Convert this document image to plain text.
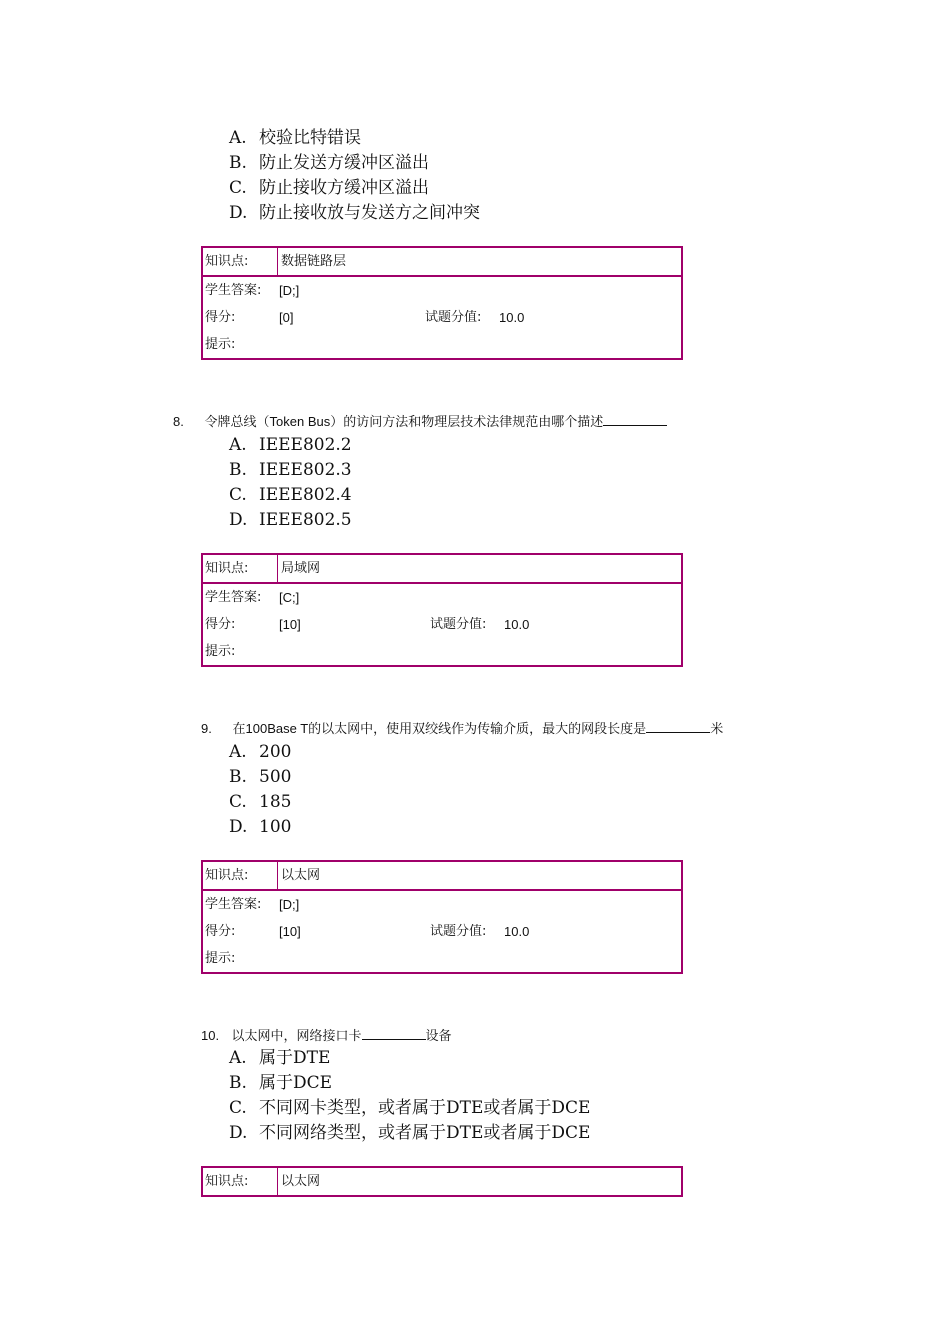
A. 校验比特错误
B. 防止发送方缓冲区溢出
C. 防止接收方缓冲区溢出
D. 防止接收放与发送方之间冲突
知识点:	数据链路层
学生答案: [D;]
得分:	[0]	试题分值: 10.0
提示:
8. 令牌总线（Token Bus）的访问方法和物理层技术法律规范由哪个描述
A. IEEE802.2
B. IEEE802.3
C. IEEE802.4
D. IEEE802.5
知识点:	局域网
学生答案: [C;]
得分:	[10]	试题分值: 10.0
提示:
9. 在100Base T的以太网中，使用双绞线作为传输介质，最大的网段长度是	米
A. 200
B. 500
C. 185
D. 100
知识点:	以太网
学生答案: [D;]
得分:	[10]	试题分值: 10.0
提示:
10. 以太网中，网络接口卡	设备
A. 属于DTE
B. 属于DCE
C. 不同网卡类型，或者属于DTE或者属于DCE
D. 不同网络类型，或者属于DTE或者属于DCE
知识点:	以太网
